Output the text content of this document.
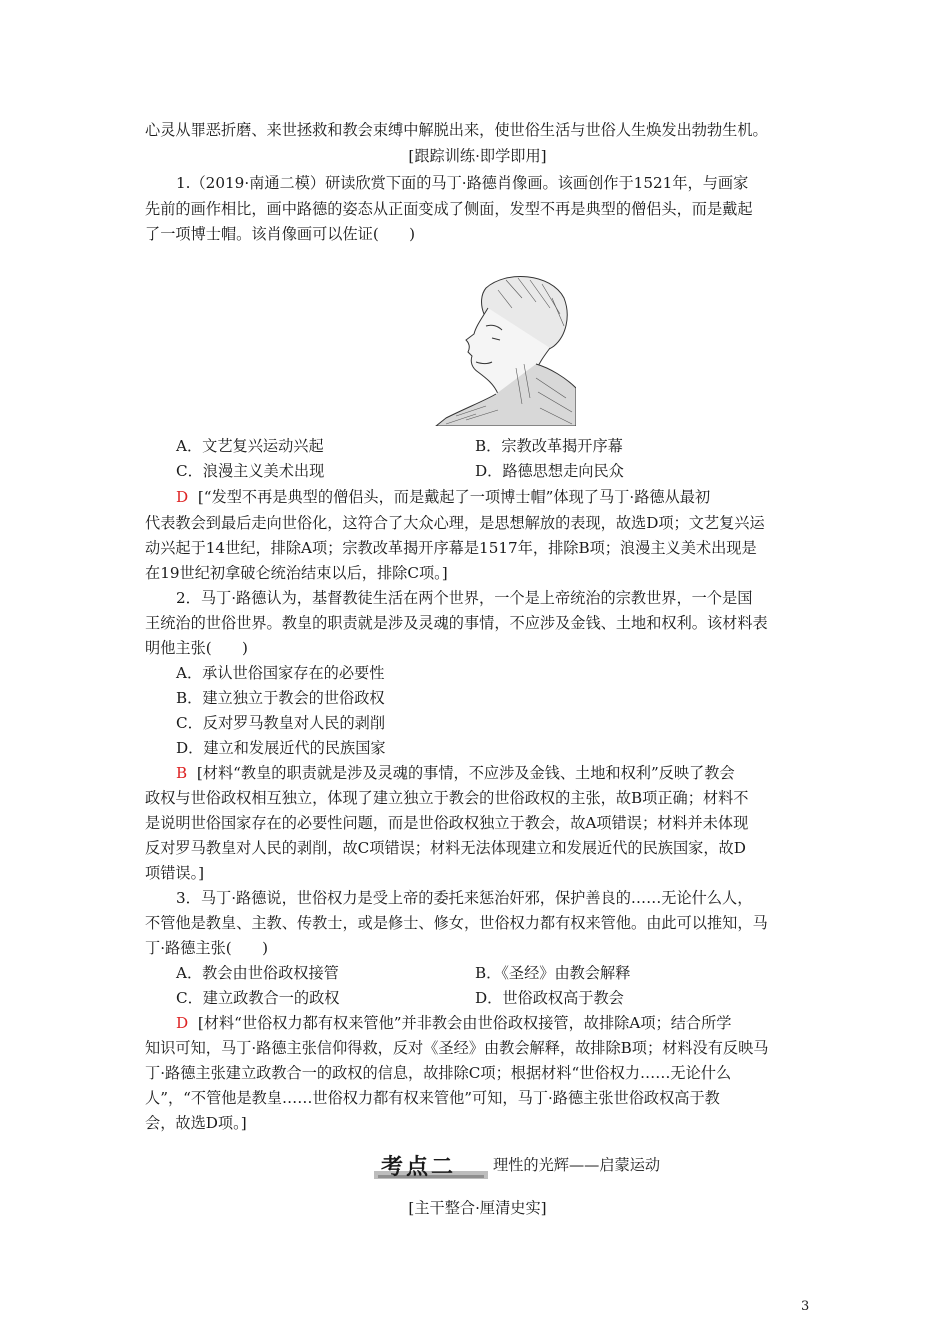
心灵从罪恶折磨、来世拯救和教会束缚中解脱出来，使世俗生活与世俗人生焕发出勃勃生机。
[跟踪训练·即学即用]
1.（2019·南通二模）研读欣赏下面的马丁·路德肖像画。该画创作于1521年，与画家
先前的画作相比，画中路德的姿态从正面变成了侧面，发型不再是典型的僧侣头，而是戴起
了一项博士帽。该肖像画可以佐证(　　)
A．文艺复兴运动兴起	B．宗教改革揭开序幕
C．浪漫主义美术出现	D．路德思想走向民众
D [“发型不再是典型的僧侣头，而是戴起了一项博士帽”体现了马丁·路德从最初
代表教会到最后走向世俗化，这符合了大众心理，是思想解放的表现，故选D项；文艺复兴运
动兴起于14世纪，排除A项；宗教改革揭开序幕是1517年，排除B项；浪漫主义美术出现是
在19世纪初拿破仑统治结束以后，排除C项。]
2．马丁·路德认为，基督教徒生活在两个世界，一个是上帝统治的宗教世界，一个是国
王统治的世俗世界。教皇的职责就是涉及灵魂的事情，不应涉及金钱、土地和权利。该材料表
明他主张(　　)
A．承认世俗国家存在的必要性
B．建立独立于教会的世俗政权
C．反对罗马教皇对人民的剥削
D．建立和发展近代的民族国家
B [材料“教皇的职责就是涉及灵魂的事情，不应涉及金钱、土地和权利”反映了教会
政权与世俗政权相互独立，体现了建立独立于教会的世俗政权的主张，故B项正确；材料不
是说明世俗国家存在的必要性问题，而是世俗政权独立于教会，故A项错误；材料并未体现
反对罗马教皇对人民的剥削，故C项错误；材料无法体现建立和发展近代的民族国家，故D
项错误。]
3．马丁·路德说，世俗权力是受上帝的委托来惩治奸邪，保护善良的……无论什么人，
不管他是教皇、主教、传教士，或是修士、修女，世俗权力都有权来管他。由此可以推知，马
丁·路德主张(　　)
A．教会由世俗政权接管	B．《圣经》由教会解释
C．建立政教合一的政权	D．世俗政权高于教会
D [材料“世俗权力都有权来管他”并非教会由世俗政权接管，故排除A项；结合所学
知识可知，马丁·路德主张信仰得救，反对《圣经》由教会解释，故排除B项；材料没有反映马
丁·路德主张建立政教合一的政权的信息，故排除C项；根据材料“世俗权力……无论什么
人”，“不管他是教皇……世俗权力都有权来管他”可知，马丁·路德主张世俗政权高于教
会，故选D项。]
考点二 理性的光辉——启蒙运动
[主干整合·厘清史实]
3
